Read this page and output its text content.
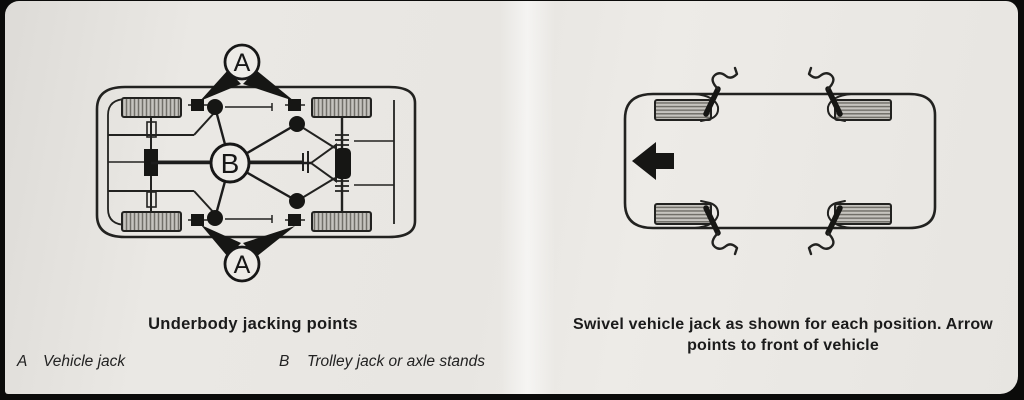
A
B
A
Underbody jacking points
A Vehicle jack	B Trolley jack or axle stands
Swivel vehicle jack as shown for each position. Arrow
points to front of vehicle
